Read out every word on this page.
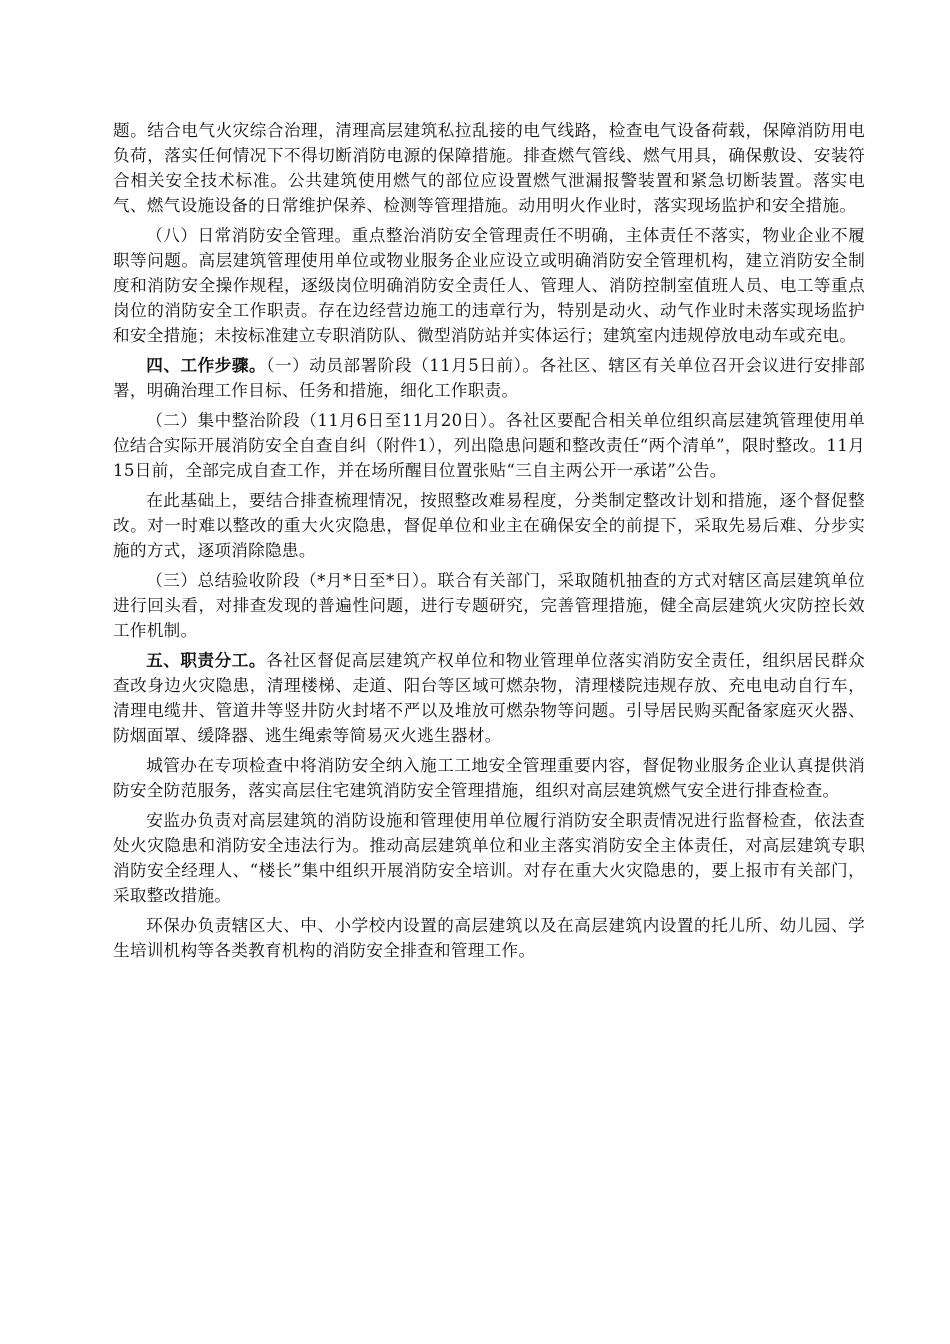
题。结合电气火灾综合治理，清理高层建筑私拉乱接的电气线路，检查电气设备荷载，保障消防用电负荷，落实任何情况下不得切断消防电源的保障措施。排查燃气管线、燃气用具，确保敷设、安装符合相关安全技术标准。公共建筑使用燃气的部位应设置燃气泄漏报警装置和紧急切断装置。落实电气、燃气设施设备的日常维护保养、检测等管理措施。动用明火作业时，落实现场监护和安全措施。

（八）日常消防安全管理。重点整治消防安全管理责任不明确，主体责任不落实，物业企业不履职等问题。高层建筑管理使用单位或物业服务企业应设立或明确消防安全管理机构，建立消防安全制度和消防安全操作规程，逐级岗位明确消防安全责任人、管理人、消防控制室值班人员、电工等重点岗位的消防安全工作职责。存在边经营边施工的违章行为，特别是动火、动气作业时未落实现场监护和安全措施；未按标准建立专职消防队、微型消防站并实体运行；建筑室内违规停放电动车或充电。

四、工作步骤。（一）动员部署阶段（11月5日前）。各社区、辖区有关单位召开会议进行安排部署，明确治理工作目标、任务和措施，细化工作职责。

（二）集中整治阶段（11月6日至11月20日）。各社区要配合相关单位组织高层建筑管理使用单位结合实际开展消防安全自查自纠（附件1），列出隐患问题和整改责任“两个清单”，限时整改。11月15日前，全部完成自查工作，并在场所醒目位置张贴“三自主两公开一承诺”公告。

在此基础上，要结合排查梳理情况，按照整改难易程度，分类制定整改计划和措施，逐个督促整改。对一时难以整改的重大火灾隐患，督促单位和业主在确保安全的前提下，采取先易后难、分步实施的方式，逐项消除隐患。

（三）总结验收阶段（*月*日至*日）。联合有关部门，采取随机抽查的方式对辖区高层建筑单位进行回头看，对排查发现的普遍性问题，进行专题研究，完善管理措施，健全高层建筑火灾防控长效工作机制。

五、职责分工。各社区督促高层建筑产权单位和物业管理单位落实消防安全责任，组织居民群众查改身边火灾隐患，清理楼梯、走道、阳台等区域可燃杂物，清理楼院违规存放、充电电动自行车，清理电缆井、管道井等竖井防火封堵不严以及堆放可燃杂物等问题。引导居民购买配备家庭灭火器、防烟面罩、缓降器、逃生绳索等简易灭火逃生器材。

城管办在专项检查中将消防安全纳入施工工地安全管理重要内容，督促物业服务企业认真提供消防安全防范服务，落实高层住宅建筑消防安全管理措施，组织对高层建筑燃气安全进行排查检查。

安监办负责对高层建筑的消防设施和管理使用单位履行消防安全职责情况进行监督检查，依法查处火灾隐患和消防安全违法行为。推动高层建筑单位和业主落实消防安全主体责任，对高层建筑专职消防安全经理人、“楼长”集中组织开展消防安全培训。对存在重大火灾隐患的，要上报市有关部门，采取整改措施。

环保办负责辖区大、中、小学校内设置的高层建筑以及在高层建筑内设置的托儿所、幼儿园、学生培训机构等各类教育机构的消防安全排查和管理工作。
